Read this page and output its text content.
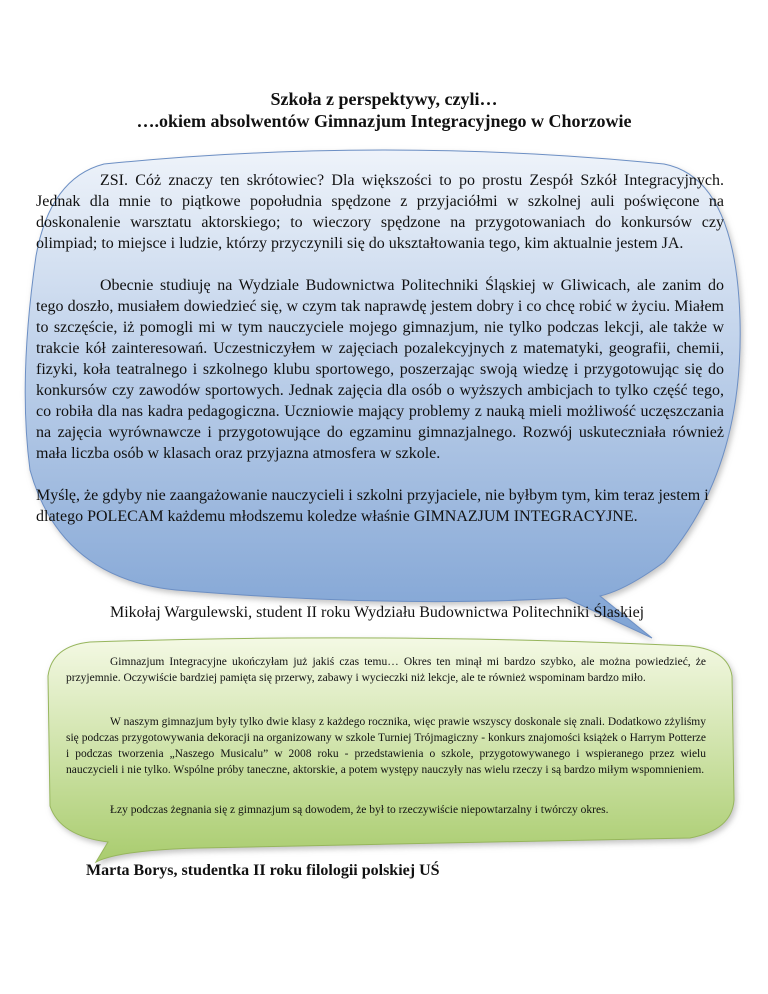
Szkoła z perspektywy, czyli…
….okiem absolwentów Gimnazjum Integracyjnego w Chorzowie
ZSI. Cóż znaczy ten skrótowiec? Dla większości to po prostu Zespół Szkół Integracyjnych. Jednak dla mnie to piątkowe popołudnia spędzone z przyjaciółmi w szkolnej auli poświęcone na doskonalenie warsztatu aktorskiego; to wieczory spędzone na przygotowaniach do konkursów czy olimpiad; to miejsce i ludzie, którzy przyczynili się do ukształtowania tego, kim aktualnie jestem JA.
Obecnie studiuję na Wydziale Budownictwa Politechniki Śląskiej w Gliwicach, ale zanim do tego doszło, musiałem dowiedzieć się, w czym tak naprawdę jestem dobry i co chcę robić w życiu. Miałem to szczęście, iż pomogli mi w tym nauczyciele mojego gimnazjum, nie tylko podczas lekcji, ale także w trakcie kół zainteresowań. Uczestniczyłem w zajęciach pozalekcyjnych z matematyki, geografii, chemii, fizyki, koła teatralnego i szkolnego klubu sportowego, poszerzając swoją wiedzę i przygotowując się do konkursów czy zawodów sportowych. Jednak zajęcia dla osób o wyższych ambicjach to tylko część tego, co robiła dla nas kadra pedagogiczna. Uczniowie mający problemy z nauką mieli możliwość uczęszczania na zajęcia wyrównawcze i przygotowujące do egzaminu gimnazjalnego. Rozwój uskuteczniała również mała liczba osób w klasach oraz przyjazna atmosfera w szkole.
Myślę, że gdyby nie zaangażowanie nauczycieli i szkolni przyjaciele, nie byłbym tym, kim teraz jestem i dlatego POLECAM każdemu młodszemu koledze właśnie GIMNAZJUM INTEGRACYJNE.
Mikołaj Wargulewski, student II roku Wydziału Budownictwa Politechniki Ślaskiej
Gimnazjum Integracyjne ukończyłam już jakiś czas temu… Okres ten minął mi bardzo szybko, ale można powiedzieć, że przyjemnie. Oczywiście bardziej pamięta się przerwy, zabawy i wycieczki niż lekcje, ale te również wspominam bardzo miło.
W naszym gimnazjum były tylko dwie klasy z każdego rocznika, więc prawie wszyscy doskonale się znali. Dodatkowo zżyliśmy się podczas przygotowywania dekoracji na organizowany w szkole Turniej Trójmagiczny - konkurs znajomości książek o Harrym Potterze i podczas tworzenia „Naszego Musicalu” w 2008 roku - przedstawienia o szkole, przygotowywanego i wspieranego przez wielu nauczycieli i nie tylko. Wspólne próby taneczne, aktorskie, a potem występy nauczyły nas wielu rzeczy i są bardzo miłym wspomnieniem.
Łzy podczas żegnania się z gimnazjum są dowodem, że był to rzeczywiście niepowtarzalny i twórczy okres.
Marta Borys, studentka II roku filologii polskiej UŚ
